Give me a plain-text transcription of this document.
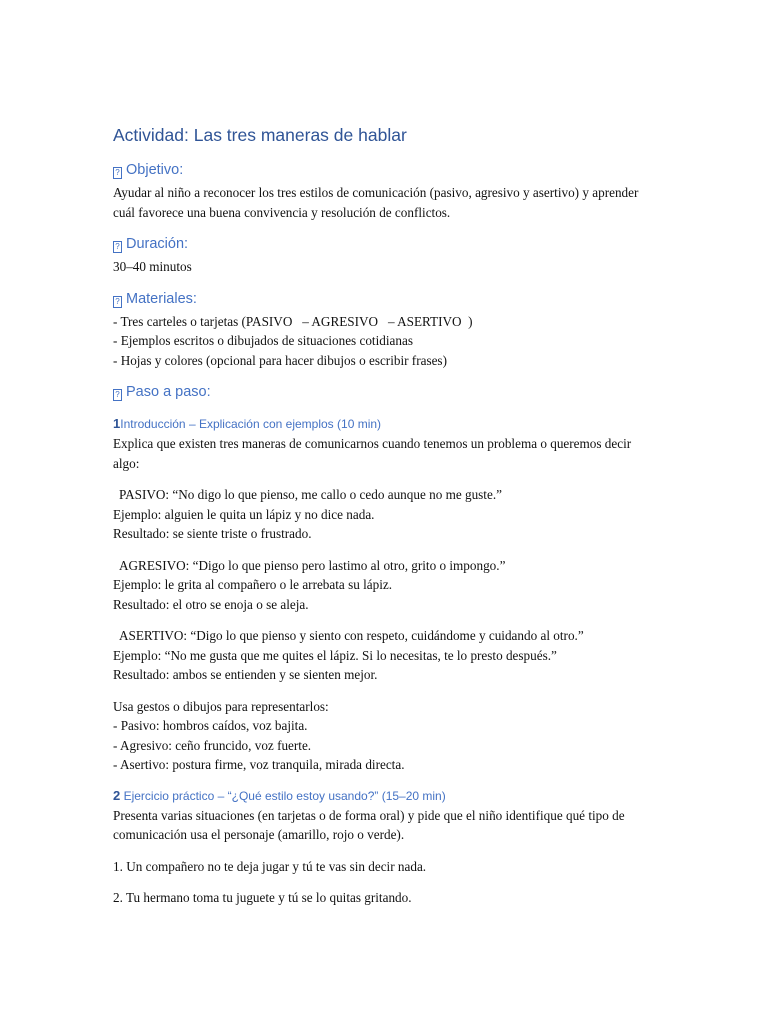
Actividad: Las tres maneras de hablar
? Objetivo:

Ayudar al niño a reconocer los tres estilos de comunicación (pasivo, agresivo y asertivo) y aprender cuál favorece una buena convivencia y resolución de conflictos.

? Duración:

30–40 minutos

? Materiales:

- Tres carteles o tarjetas (PASIVO   – AGRESIVO   – ASERTIVO  )

- Ejemplos escritos o dibujados de situaciones cotidianas

- Hojas y colores (opcional para hacer dibujos o escribir frases)

? Paso a paso:
1Introducción – Explicación con ejemplos (10 min)

Explica que existen tres maneras de comunicarnos cuando tenemos un problema o queremos decir algo:

PASIVO: “No digo lo que pienso, me callo o cedo aunque no me guste.”

Ejemplo: alguien le quita un lápiz y no dice nada.

Resultado: se siente triste o frustrado.

AGRESIVO: “Digo lo que pienso pero lastimo al otro, grito o impongo.”

Ejemplo: le grita al compañero o le arrebata su lápiz.

Resultado: el otro se enoja o se aleja.

ASERTIVO: “Digo lo que pienso y siento con respeto, cuidándome y cuidando al otro.”

Ejemplo: “No me gusta que me quites el lápiz. Si lo necesitas, te lo presto después.”

Resultado: ambos se entienden y se sienten mejor.

Usa gestos o dibujos para representarlos:

- Pasivo: hombros caídos, voz bajita.

- Agresivo: ceño fruncido, voz fuerte.

- Asertivo: postura firme, voz tranquila, mirada directa.

2 Ejercicio práctico – “¿Qué estilo estoy usando?” (15–20 min)

Presenta varias situaciones (en tarjetas o de forma oral) y pide que el niño identifique qué tipo de comunicación usa el personaje (amarillo, rojo o verde).

1. Un compañero no te deja jugar y tú te vas sin decir nada.

2. Tu hermano toma tu juguete y tú se lo quitas gritando.
